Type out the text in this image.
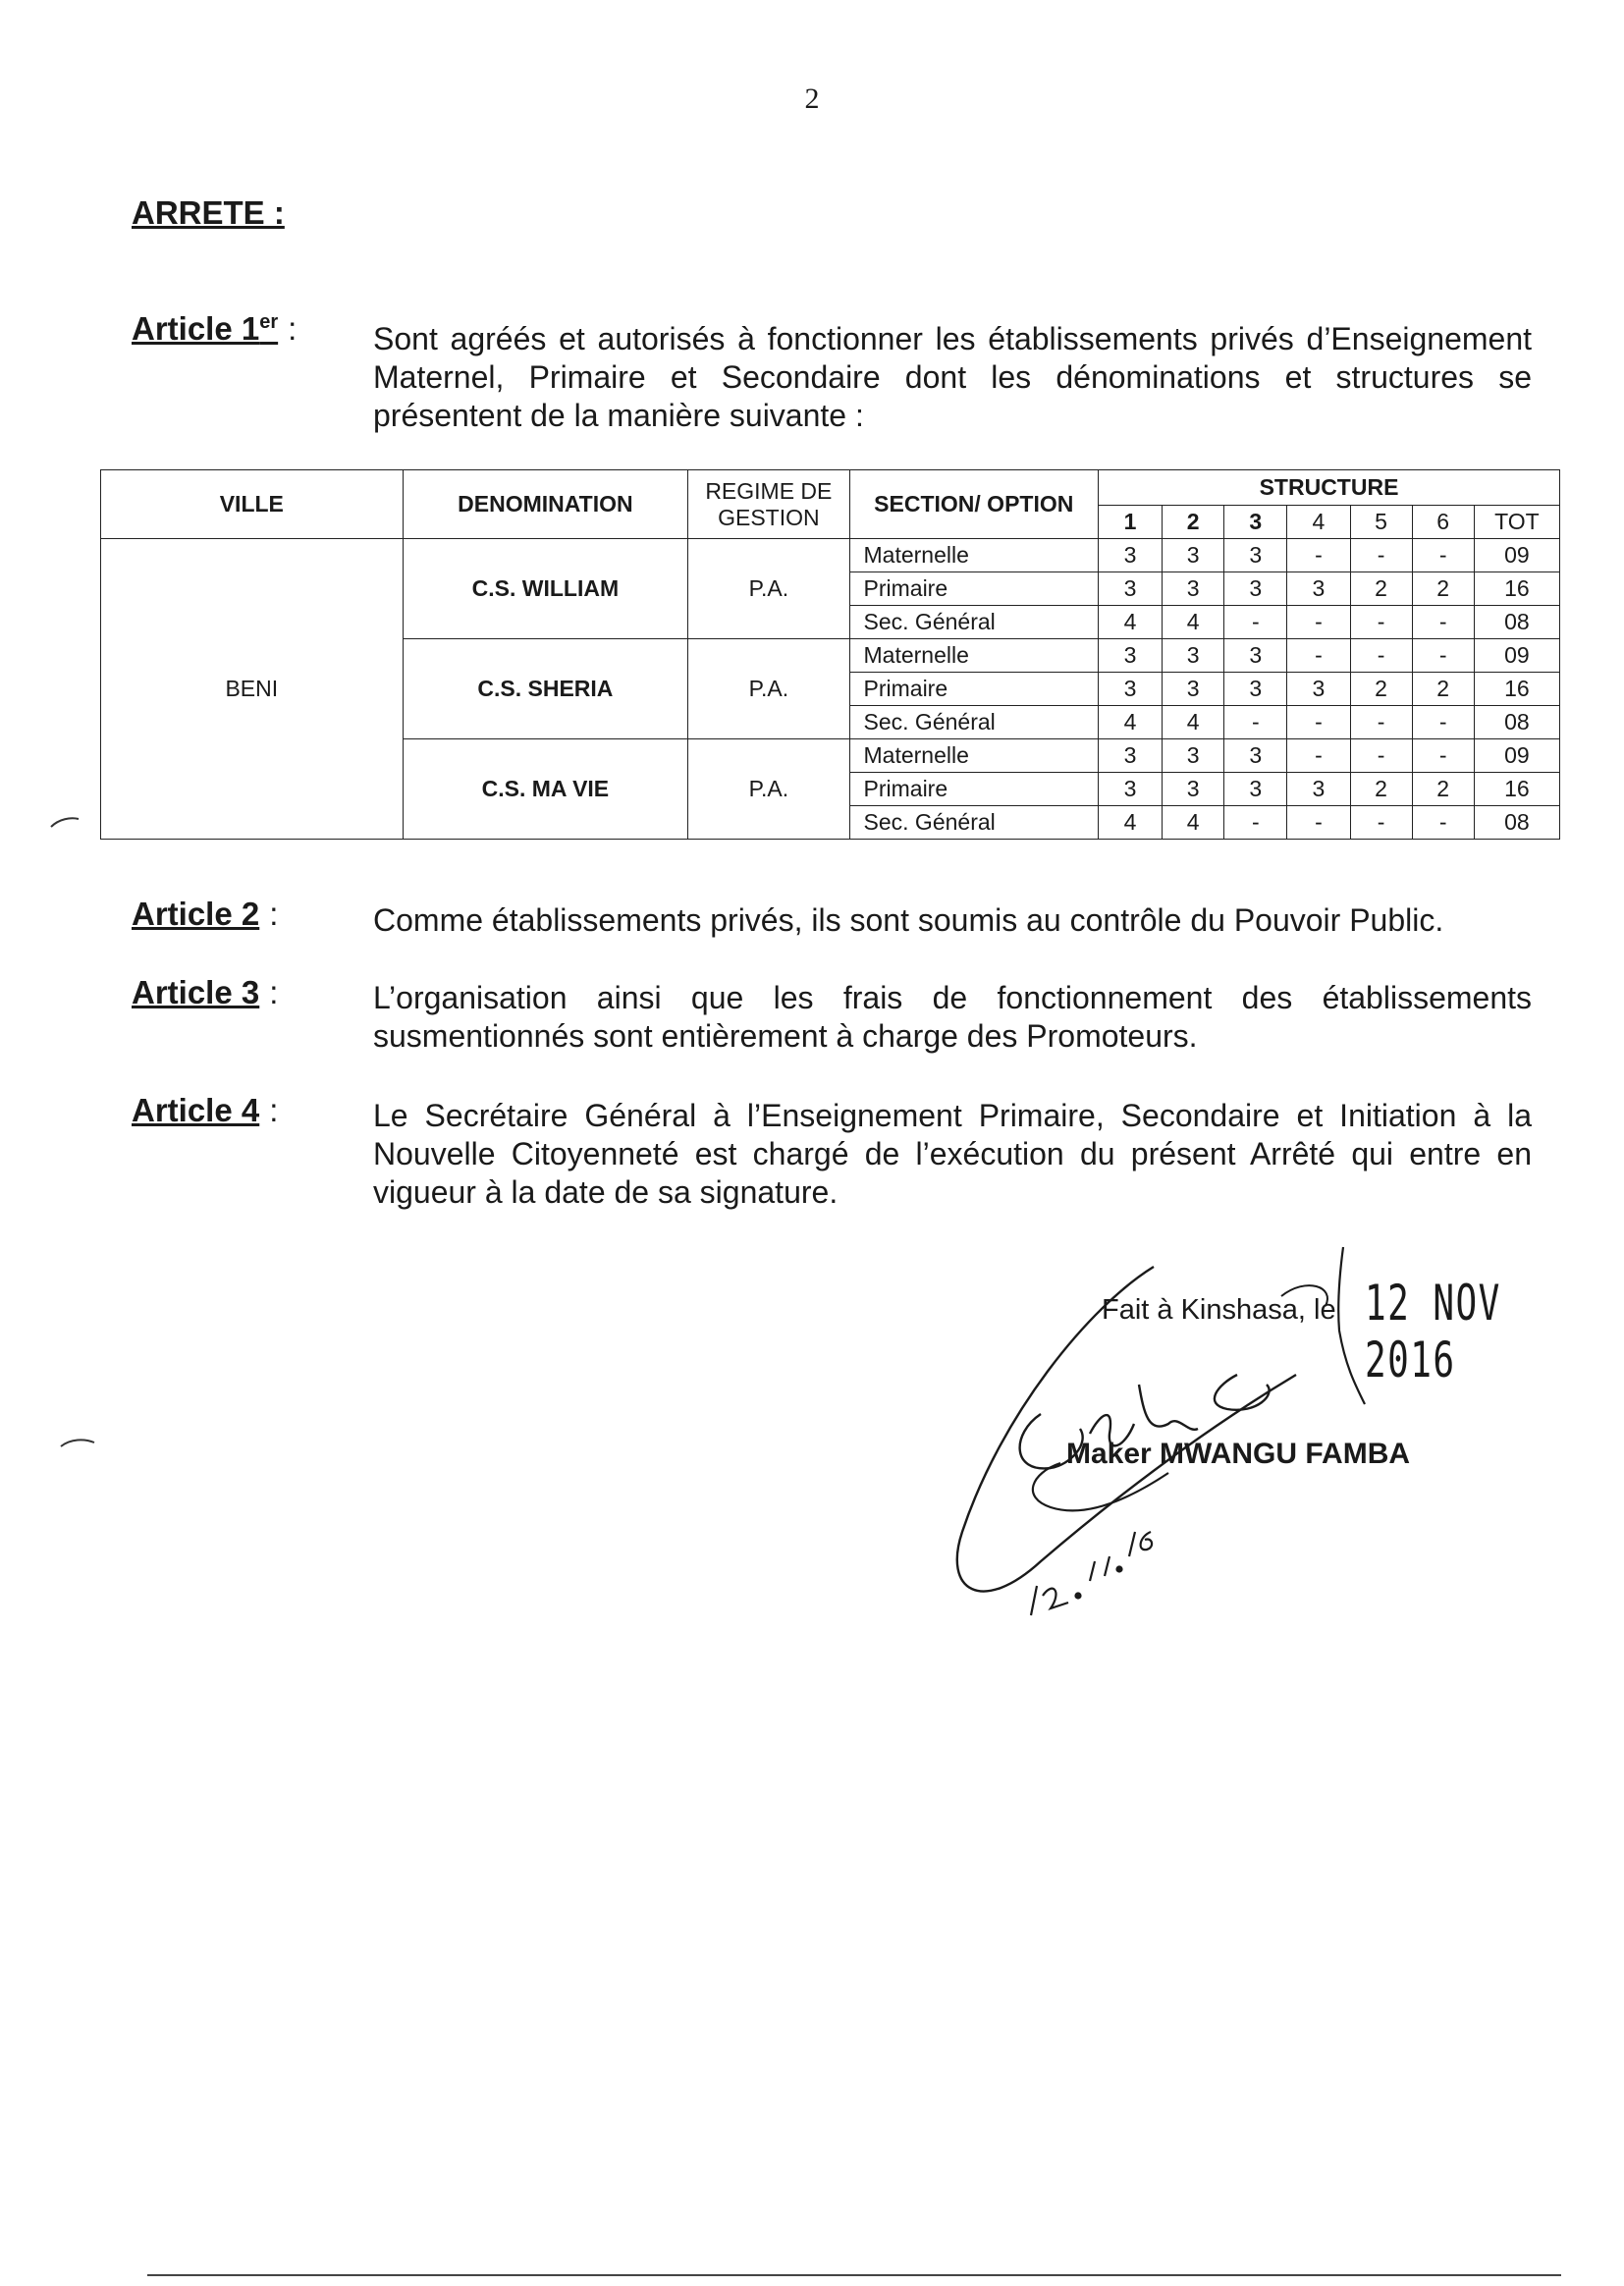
2
ARRETE :
Article 1er : Sont agréés et autorisés à fonctionner les établissements privés d’Enseignement Maternel, Primaire et Secondaire dont les dénominations et structures se présentent de la manière suivante :
VILLE	DENOMINATION	REGIME DE GESTION	SECTION/ OPTION	STRUCTURE						
				1	2	3	4	5	6	TOT
BENI	C.S. WILLIAM	P.A.	Maternelle	3	3	3	-	-	-	09
			Primaire	3	3	3	3	2	2	16
			Sec. Général	4	4	-	-	-	-	08
	C.S. SHERIA	P.A.	Maternelle	3	3	3	-	-	-	09
			Primaire	3	3	3	3	2	2	16
			Sec. Général	4	4	-	-	-	-	08
	C.S. MA VIE	P.A.	Maternelle	3	3	3	-	-	-	09
			Primaire	3	3	3	3	2	2	16
			Sec. Général	4	4	-	-	-	-	08
Article 2 :	Comme établissements privés, ils sont soumis au contrôle du Pouvoir Public.
Article 3 :	L’organisation ainsi que les frais de fonctionnement des établissements susmentionnés sont entièrement à charge des Promoteurs.
Article 4 :	Le Secrétaire Général à l’Enseignement Primaire, Secondaire et Initiation à la Nouvelle Citoyenneté est chargé de l’exécution du présent Arrêté qui entre en vigueur à la date de sa signature.
Fait à Kinshasa, le 12 NOV 2016
Maker MWANGU FAMBA
